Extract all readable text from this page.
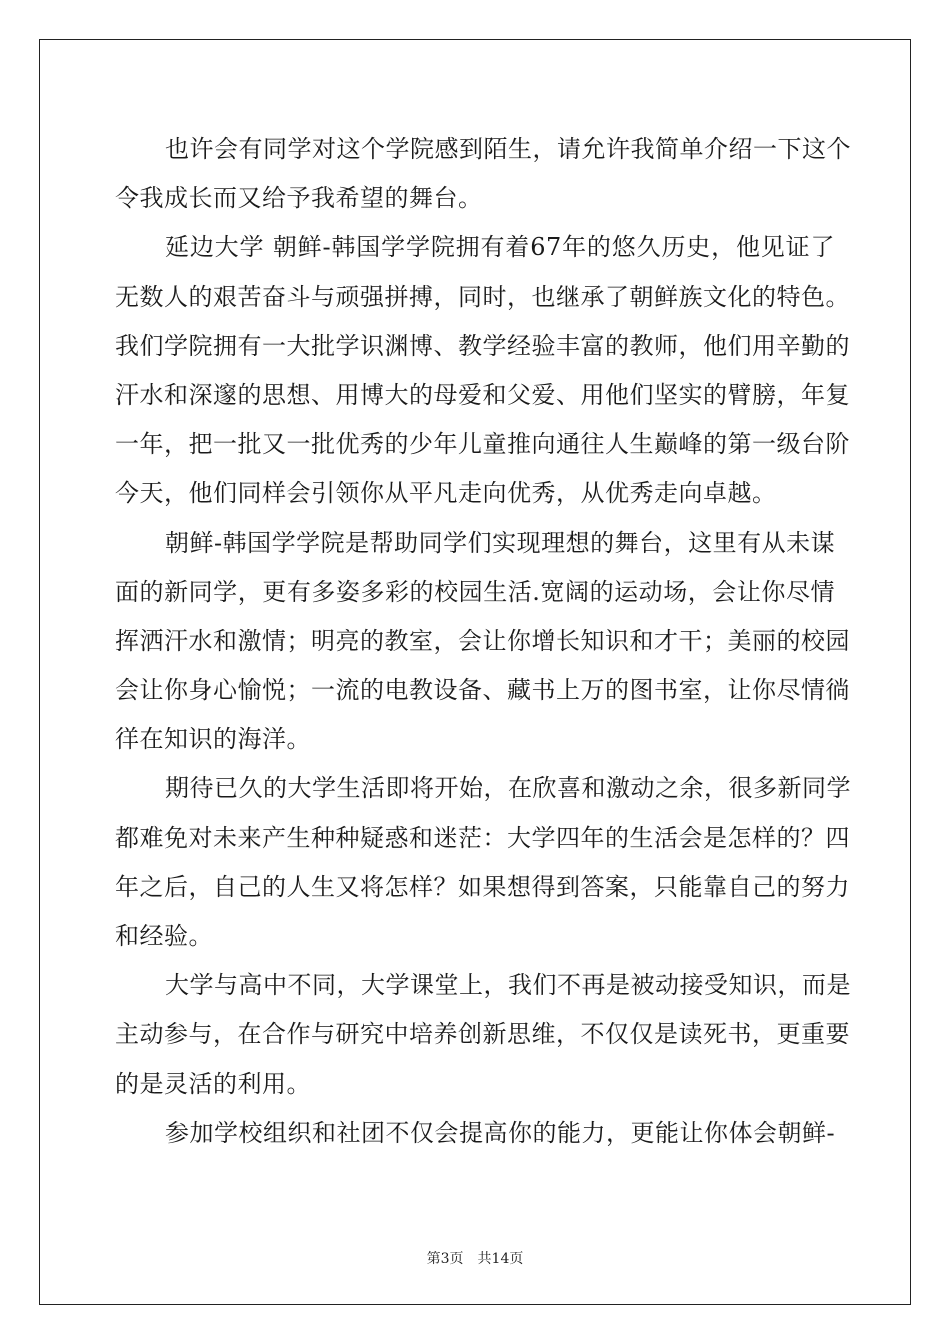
也许会有同学对这个学院感到陌生，请允许我简单介绍一下这个
令我成长而又给予我希望的舞台。
延边大学 朝鲜-韩国学学院拥有着67年的悠久历史，他见证了
无数人的艰苦奋斗与顽强拼搏，同时，也继承了朝鲜族文化的特色。
我们学院拥有一大批学识渊博、教学经验丰富的教师，他们用辛勤的
汗水和深邃的思想、用博大的母爱和父爱、用他们坚实的臂膀，年复
一年，把一批又一批优秀的少年儿童推向通往人生巅峰的第一级台阶
今天，他们同样会引领你从平凡走向优秀，从优秀走向卓越。
朝鲜-韩国学学院是帮助同学们实现理想的舞台，这里有从未谋
面的新同学，更有多姿多彩的校园生活.宽阔的运动场，会让你尽情
挥洒汗水和激情；明亮的教室，会让你增长知识和才干；美丽的校园
会让你身心愉悦；一流的电教设备、藏书上万的图书室，让你尽情徜
徉在知识的海洋。
期待已久的大学生活即将开始，在欣喜和激动之余，很多新同学
都难免对未来产生种种疑惑和迷茫：大学四年的生活会是怎样的？四
年之后，自己的人生又将怎样？如果想得到答案，只能靠自己的努力
和经验。
大学与高中不同，大学课堂上，我们不再是被动接受知识，而是
主动参与，在合作与研究中培养创新思维，不仅仅是读死书，更重要
的是灵活的利用。
参加学校组织和社团不仅会提高你的能力，更能让你体会朝鲜-
第3页 共14页
